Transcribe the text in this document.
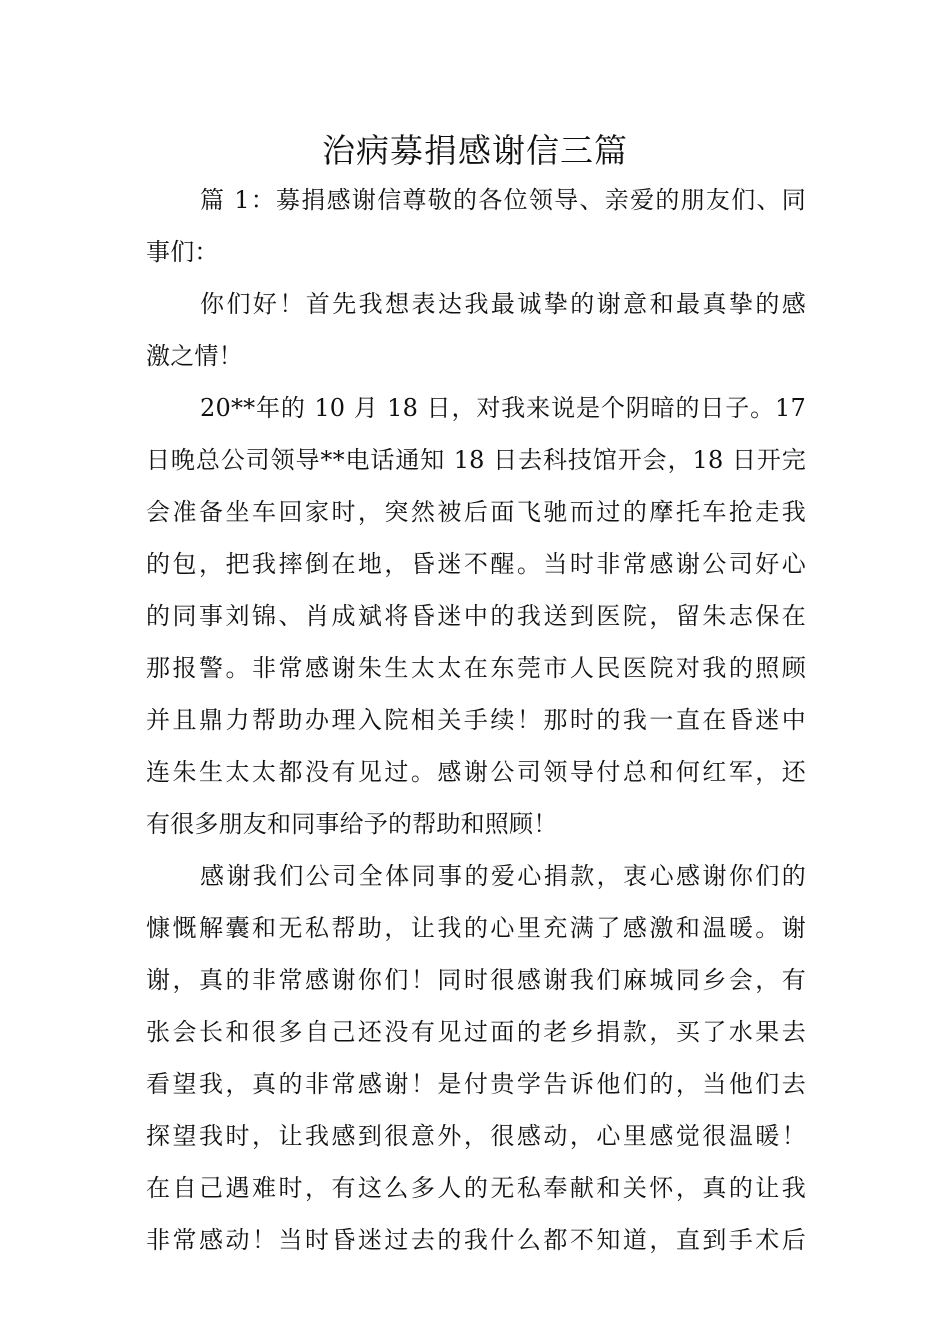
治病募捐感谢信三篇
篇 1：募捐感谢信尊敬的各位领导、亲爱的朋友们、同
事们：
你们好！首先我想表达我最诚挚的谢意和最真挚的感
激之情！
20**年的 10 月 18 日，对我来说是个阴暗的日子。17
日晚总公司领导**电话通知 18 日去科技馆开会，18 日开完
会准备坐车回家时，突然被后面飞驰而过的摩托车抢走我
的包，把我摔倒在地，昏迷不醒。当时非常感谢公司好心
的同事刘锦、肖成斌将昏迷中的我送到医院，留朱志保在
那报警。非常感谢朱生太太在东莞市人民医院对我的照顾
并且鼎力帮助办理入院相关手续！那时的我一直在昏迷中
连朱生太太都没有见过。感谢公司领导付总和何红军，还
有很多朋友和同事给予的帮助和照顾！
感谢我们公司全体同事的爱心捐款，衷心感谢你们的
慷慨解囊和无私帮助，让我的心里充满了感激和温暖。谢
谢，真的非常感谢你们！同时很感谢我们麻城同乡会，有
张会长和很多自己还没有见过面的老乡捐款，买了水果去
看望我，真的非常感谢！是付贵学告诉他们的，当他们去
探望我时，让我感到很意外，很感动，心里感觉很温暖！
在自己遇难时，有这么多人的无私奉献和关怀，真的让我
非常感动！当时昏迷过去的我什么都不知道，直到手术后
